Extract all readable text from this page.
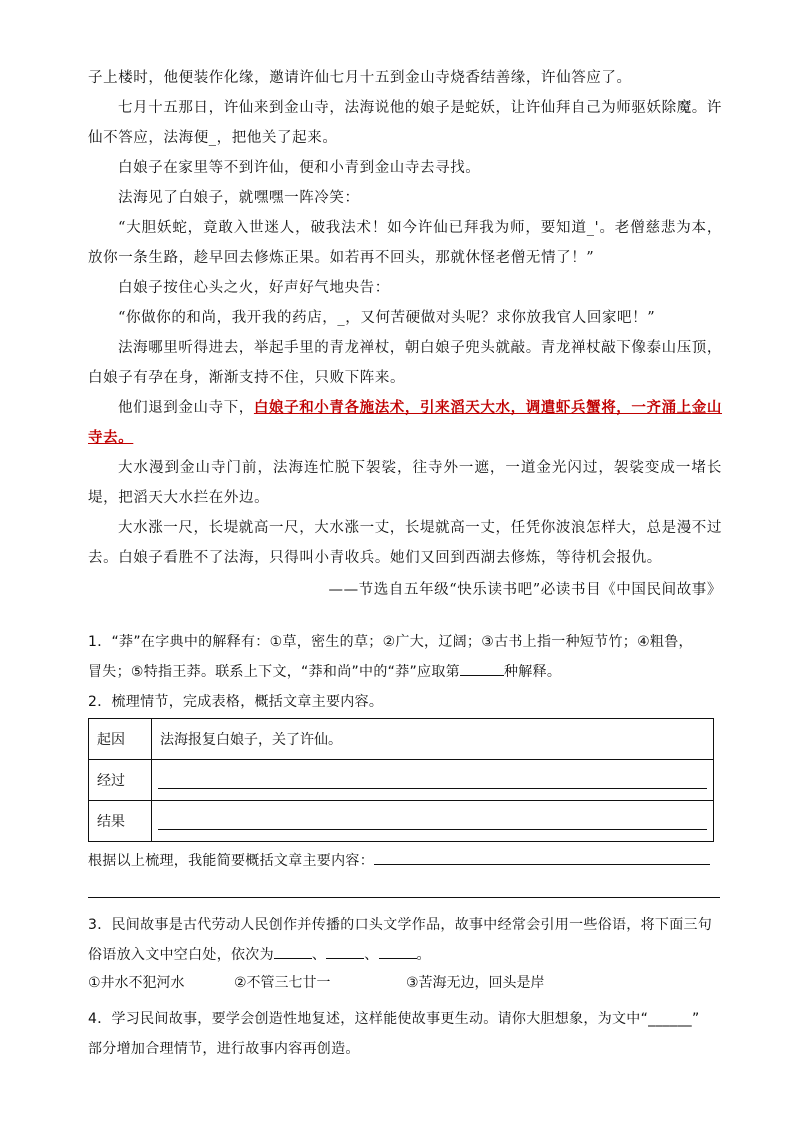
子上楼时，他便装作化缘，邀请许仙七月十五到金山寺烧香结善缘，许仙答应了。

七月十五那日，许仙来到金山寺，法海说他的娘子是蛇妖，让许仙拜自己为师驱妖除魔。许仙不答应，法海便_，把他关了起来。

白娘子在家里等不到许仙，便和小青到金山寺去寻找。

法海见了白娘子，就嘿嘿一阵冷笑：

“大胆妖蛇，竟敢入世迷人，破我法术！如今许仙已拜我为师，要知道_'。老僧慈悲为本，放你一条生路，趁早回去修炼正果。如若再不回头，那就休怪老僧无情了！”

白娘子按住心头之火，好声好气地央告：

“你做你的和尚，我开我的药店，_，又何苦硬做对头呢？求你放我官人回家吧！”

法海哪里听得进去，举起手里的青龙禅杖，朝白娘子兜头就敲。青龙禅杖敲下像泰山压顶，白娘子有孕在身，渐渐支持不住，只败下阵来。

他们退到金山寺下，白娘子和小青各施法术，引来滔天大水，调遣虾兵蟹将，一齐涌上金山寺去。

大水漫到金山寺门前，法海连忙脱下袈裟，往寺外一遮，一道金光闪过，袈裟变成一堵长堤，把滔天大水拦在外边。

大水涨一尺，长堤就高一尺，大水涨一丈，长堤就高一丈，任凭你波浪怎样大，总是漫不过去。白娘子看胜不了法海，只得叫小青收兵。她们又回到西湖去修炼，等待机会报仇。

——节选自五年级“快乐读书吧”必读书目《中国民间故事》

1．“莽”在字典中的解释有：①草，密生的草；②广大，辽阔；③古书上指一种短节竹；④粗鲁，

冒失；⑤特指王莽。联系上下文，“莽和尚”中的“莽”应取第	种解释。

2．梳理情节，完成表格，概括文章主要内容。

起因	法海报复白娘子，关了许仙。
经过	

结果	

根据以上梳理，我能简要概括文章主要内容：

3．民间故事是古代劳动人民创作并传播的口头文学作品，故事中经常会引用一些俗语，将下面三句

俗语放入文中空白处，依次为	、	、	。

①井水不犯河水	②不管三七廿一	③苦海无边，回头是岸

4．学习民间故事，要学会创造性地复述，这样能使故事更生动。请你大胆想象，为文中“______”

部分增加合理情节，进行故事内容再创造。
